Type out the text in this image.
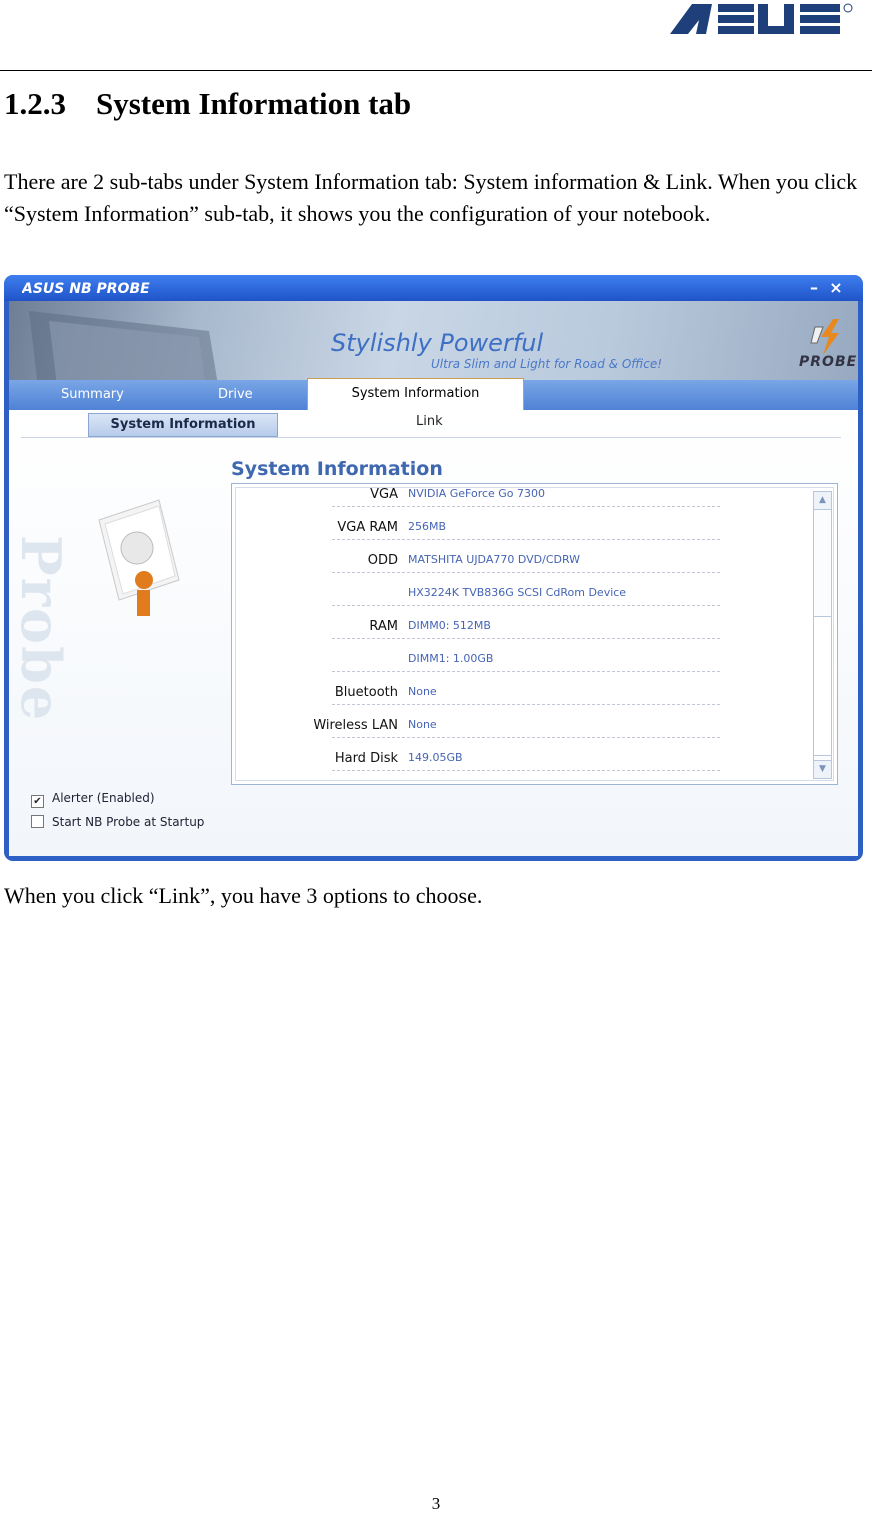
1.2.3 System Information tab

There are 2 sub-tabs under System Information tab: System information & Link. When you click “System Information” sub-tab, it shows you the configuration of your notebook.

ASUS NB PROBE	– ×
Stylishly Powerful
Ultra Slim and Light for Road & Office!	PROBE
Summary	Drive	System Information
System Information	Link
Probe
System Information
VGA NVIDIA GeForce Go 7300
VGA RAM 256MB
ODD MATSHITA UJDA770 DVD/CDRW
HX3224K TVB836G SCSI CdRom Device
RAM DIMM0: 512MB
DIMM1: 1.00GB
Bluetooth None
Wireless LAN None
Hard Disk 149.05GB
▲
▼
✔ Alerter (Enabled)
Start NB Probe at Startup

When you click “Link”, you have 3 options to choose.

3
